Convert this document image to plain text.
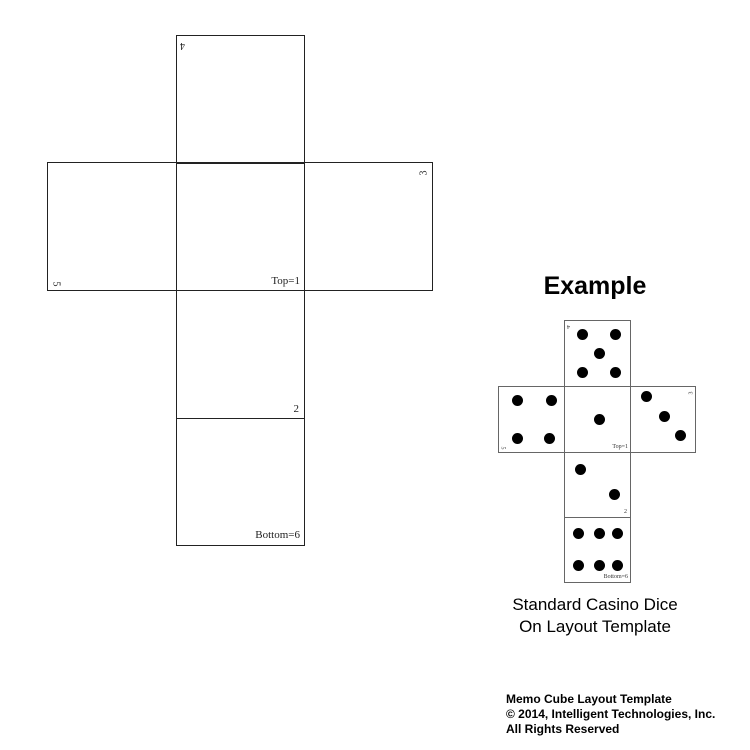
4
5	Top=1
3
2
Bottom=6
Example
4
5	Top=1
3
2
Bottom=6
Standard Casino Dice
On Layout Template
Memo Cube Layout Template
© 2014, Intelligent Technologies, Inc.
All Rights Reserved
